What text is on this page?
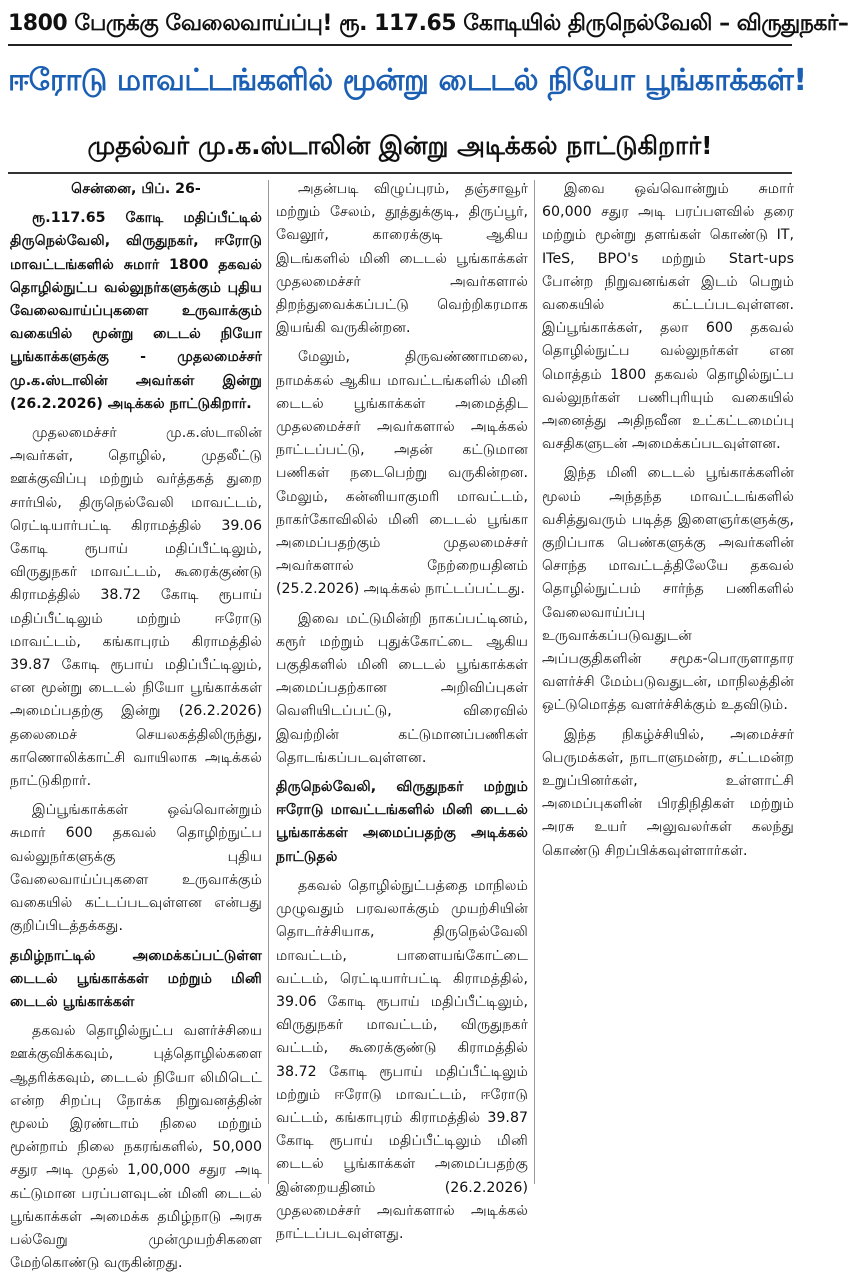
1800 பேருக்கு வேலைவாய்ப்பு! ரூ. 117.65 கோடியில் திருநெல்வேலி – விருதுநகர்–
ஈரோடு மாவட்டங்களில் மூன்று டைடல் நியோ பூங்காக்கள்!
முதல்வர் மு.க.ஸ்டாலின் இன்று அடிக்கல் நாட்டுகிறார்!

சென்னை, பிப். 26-

ரூ.117.65 கோடி மதிப்பீட்டில் திருநெல்வேலி, விருதுநகர், ஈரோடு மாவட்டங்களில் சுமார் 1800 தகவல் தொழில்நுட்ப வல்லுநர்களுக்கும் புதிய வேலைவாய்ப்புகளை உருவாக்கும் வகையில் மூன்று டைடல் நியோ பூங்காக்களுக்கு - முதலமைச்சர் மு.க.ஸ்டாலின் அவர்கள் இன்று (26.2.2026) அடிக்கல் நாட்டுகிறார்.

முதலமைச்சர் மு.க.ஸ்டாலின் அவர்கள், தொழில், முதலீட்டு ஊக்குவிப்பு மற்றும் வர்த்தகத் துறை சார்பில், திருநெல்வேலி மாவட்டம், ரெட்டியார்பட்டி கிராமத்தில் 39.06 கோடி ரூபாய் மதிப்பீட்டிலும், விருதுநகர் மாவட்டம், கூரைக்குண்டு கிராமத்தில் 38.72 கோடி ரூபாய் மதிப்பீட்டிலும் மற்றும் ஈரோடு மாவட்டம், கங்காபுரம் கிராமத்தில் 39.87 கோடி ரூபாய் மதிப்பீட்டிலும், என மூன்று டைடல் நியோ பூங்காக்கள் அமைப்பதற்கு இன்று (26.2.2026) தலைமைச் செயலகத்திலிருந்து, காணொலிக்காட்சி வாயிலாக அடிக்கல் நாட்டுகிறார்.

இப்பூங்காக்கள் ஒவ்வொன்றும் சுமார் 600 தகவல் தொழிற்நுட்ப வல்லுநர்களுக்கு புதிய வேலைவாய்ப்புகளை உருவாக்கும் வகையில் கட்டப்படவுள்ளன என்பது குறிப்பிடத்தக்கது.

தமிழ்நாட்டில் அமைக்கப்பட்டுள்ள டைடல் பூங்காக்கள் மற்றும் மினி டைடல் பூங்காக்கள்

தகவல் தொழில்நுட்ப வளர்ச்சியை ஊக்குவிக்கவும், புத்தொழில்களை ஆதரிக்கவும், டைடல் நியோ லிமிடெட் என்ற சிறப்பு நோக்க நிறுவனத்தின் மூலம் இரண்டாம் நிலை மற்றும் மூன்றாம் நிலை நகரங்களில், 50,000 சதுர அடி முதல் 1,00,000 சதுர அடி கட்டுமான பரப்பளவுடன் மினி டைடல் பூங்காக்கள் அமைக்க தமிழ்நாடு அரசு பல்வேறு முன்முயற்சிகளை மேற்கொண்டு வருகின்றது.

அதன்படி விழுப்புரம், தஞ்சாவூர் மற்றும் சேலம், தூத்துக்குடி, திருப்பூர், வேலூர், காரைக்குடி ஆகிய இடங்களில் மினி டைடல் பூங்காக்கள் முதலமைச்சர் அவர்களால் திறந்துவைக்கப்பட்டு வெற்றிகரமாக இயங்கி வருகின்றன.

மேலும், திருவண்ணாமலை, நாமக்கல் ஆகிய மாவட்டங்களில் மினி டைடல் பூங்காக்கள் அமைத்திட முதலமைச்சர் அவர்களால் அடிக்கல் நாட்டப்பட்டு, அதன் கட்டுமான பணிகள் நடைபெற்று வருகின்றன. மேலும், கன்னியாகுமரி மாவட்டம், நாகர்கோவிலில் மினி டைடல் பூங்கா அமைப்பதற்கும் முதலமைச்சர் அவர்களால் நேற்றையதினம் (25.2.2026) அடிக்கல் நாட்டப்பட்டது.

இவை மட்டுமின்றி நாகப்பட்டினம், கரூர் மற்றும் புதுக்கோட்டை ஆகிய பகுதிகளில் மினி டைடல் பூங்காக்கள் அமைப்பதற்கான அறிவிப்புகள் வெளியிடப்பட்டு, விரைவில் இவற்றின் கட்டுமானப்பணிகள் தொடங்கப்படவுள்ளன.

திருநெல்வேலி, விருதுநகர் மற்றும் ஈரோடு மாவட்டங்களில் மினி டைடல் பூங்காக்கள் அமைப்பதற்கு அடிக்கல் நாட்டுதல்

தகவல் தொழில்நுட்பத்தை மாநிலம் முழுவதும் பரவலாக்கும் முயற்சியின் தொடர்ச்சியாக, திருநெல்வேலி மாவட்டம், பாளையங்கோட்டை வட்டம், ரெட்டியார்பட்டி கிராமத்தில், 39.06 கோடி ரூபாய் மதிப்பீட்டிலும், விருதுநகர் மாவட்டம், விருதுநகர் வட்டம், கூரைக்குண்டு கிராமத்தில் 38.72 கோடி ரூபாய் மதிப்பீட்டிலும் மற்றும் ஈரோடு மாவட்டம், ஈரோடு வட்டம், கங்காபுரம் கிராமத்தில் 39.87 கோடி ரூபாய் மதிப்பீட்டிலும் மினி டைடல் பூங்காக்கள் அமைப்பதற்கு இன்றையதினம் (26.2.2026) முதலமைச்சர் அவர்களால் அடிக்கல் நாட்டப்படவுள்ளது.

இவை ஒவ்வொன்றும் சுமார் 60,000 சதுர அடி பரப்பளவில் தரை மற்றும் மூன்று தளங்கள் கொண்டு IT, ITeS, BPO's மற்றும் Start-ups போன்ற நிறுவனங்கள் இடம் பெறும் வகையில் கட்டப்படவுள்ளன. இப்பூங்காக்கள், தலா 600 தகவல் தொழில்நுட்ப வல்லுநர்கள் என மொத்தம் 1800 தகவல் தொழில்நுட்ப வல்லுநர்கள் பணிபுரியும் வகையில் அனைத்து அதிநவீன உட்கட்டமைப்பு வசதிகளுடன் அமைக்கப்படவுள்ளன.

இந்த மினி டைடல் பூங்காக்களின் மூலம் அந்தந்த மாவட்டங்களில் வசித்துவரும் படித்த இளைஞர்களுக்கு, குறிப்பாக பெண்களுக்கு அவர்களின் சொந்த மாவட்டத்திலேயே தகவல் தொழில்நுட்பம் சார்ந்த பணிகளில் வேலைவாய்ப்பு உருவாக்கப்படுவதுடன் அப்பகுதிகளின் சமூக-பொருளாதார வளர்ச்சி மேம்படுவதுடன், மாநிலத்தின் ஒட்டுமொத்த வளர்ச்சிக்கும் உதவிடும்.

இந்த நிகழ்ச்சியில், அமைச்சர் பெருமக்கள், நாடாளுமன்ற, சட்டமன்ற உறுப்பினர்கள், உள்ளாட்சி அமைப்புகளின் பிரதிநிதிகள் மற்றும் அரசு உயர் அலுவலர்கள் கலந்து கொண்டு சிறப்பிக்கவுள்ளார்கள்.
